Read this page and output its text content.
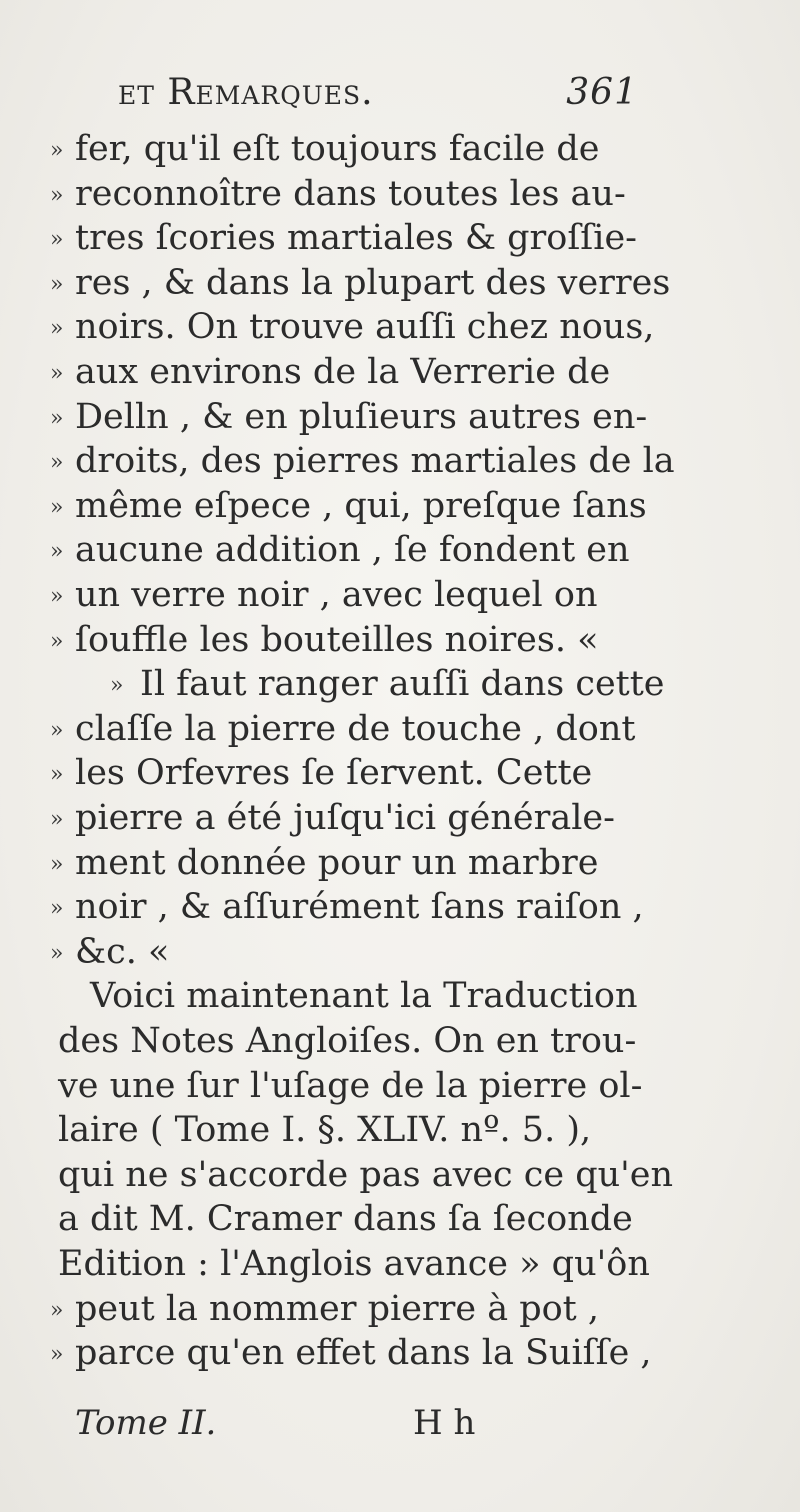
et Remarques.	361
» fer, qu'il eſt toujours facile de
» reconnoître dans toutes les au-
» tres ſcories martiales & groſſie-
» res , & dans la plupart des verres
» noirs. On trouve auſſi chez nous,
» aux environs de la Verrerie de
» Delln , & en pluſieurs autres en-
» droits, des pierres martiales de la
» même eſpece , qui, preſque ſans
» aucune addition , ſe fondent en
» un verre noir , avec lequel on
» ſouffle les bouteilles noires. «
» Il faut ranger auſſi dans cette
» claſſe la pierre de touche , dont
» les Orfevres ſe ſervent. Cette
» pierre a été juſqu'ici générale-
» ment donnée pour un marbre
» noir , & aſſurément ſans raiſon ,
» &c. «
Voici maintenant la Traduction
des Notes Angloiſes. On en trou-
ve une ſur l'uſage de la pierre ol-
laire ( Tome I. §. XLIV. nº. 5. ),
qui ne s'accorde pas avec ce qu'en
a dit M. Cramer dans ſa ſeconde
Edition : l'Anglois avance » qu'ôn
» peut la nommer pierre à pot ,
» parce qu'en effet dans la Suiſſe ,
Tome II.	H h
